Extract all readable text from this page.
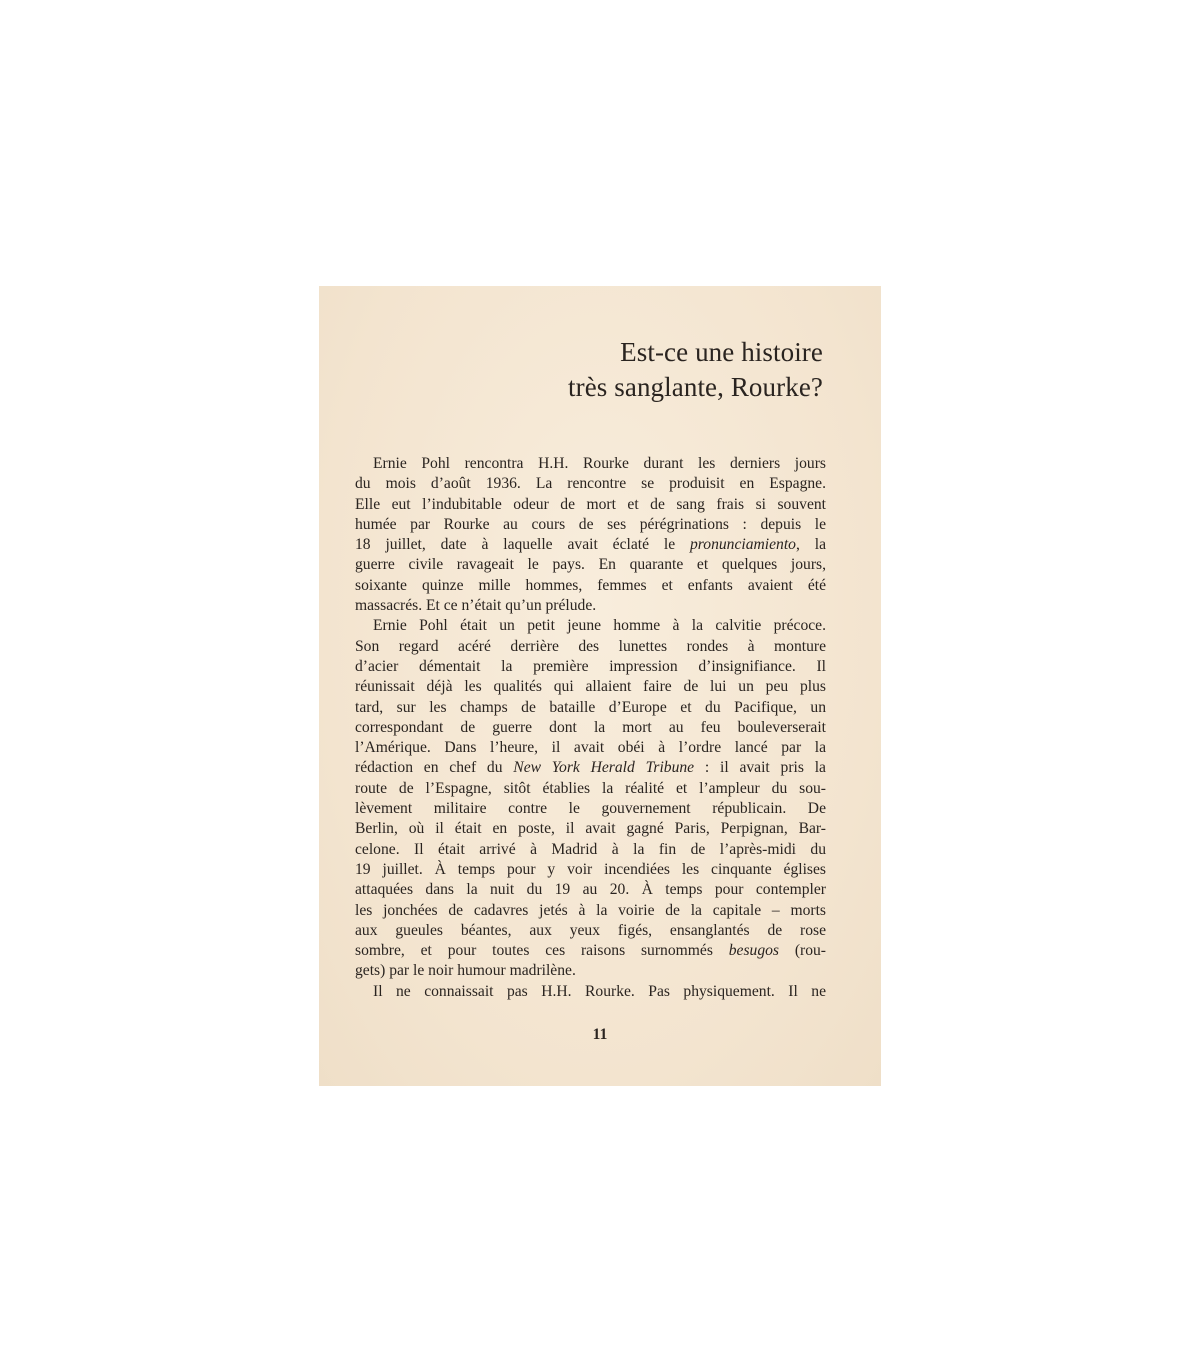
Est-ce une histoire
très sanglante, Rourke?

Ernie Pohl rencontra H.H. Rourke durant les derniers jours
du mois d’août 1936. La rencontre se produisit en Espagne.
Elle eut l’indubitable odeur de mort et de sang frais si souvent
humée par Rourke au cours de ses pérégrinations : depuis le
18 juillet, date à laquelle avait éclaté le pronunciamiento, la
guerre civile ravageait le pays. En quarante et quelques jours,
soixante quinze mille hommes, femmes et enfants avaient été
massacrés. Et ce n’était qu’un prélude.

Ernie Pohl était un petit jeune homme à la calvitie précoce.
Son regard acéré derrière des lunettes rondes à monture
d’acier démentait la première impression d’insignifiance. Il
réunissait déjà les qualités qui allaient faire de lui un peu plus
tard, sur les champs de bataille d’Europe et du Pacifique, un
correspondant de guerre dont la mort au feu bouleverserait
l’Amérique. Dans l’heure, il avait obéi à l’ordre lancé par la
rédaction en chef du New York Herald Tribune : il avait pris la
route de l’Espagne, sitôt établies la réalité et l’ampleur du sou-
lèvement militaire contre le gouvernement républicain. De
Berlin, où il était en poste, il avait gagné Paris, Perpignan, Bar-
celone. Il était arrivé à Madrid à la fin de l’après-midi du
19 juillet. À temps pour y voir incendiées les cinquante églises
attaquées dans la nuit du 19 au 20. À temps pour contempler
les jonchées de cadavres jetés à la voirie de la capitale – morts
aux gueules béantes, aux yeux figés, ensanglantés de rose
sombre, et pour toutes ces raisons surnommés besugos (rou-
gets) par le noir humour madrilène.

Il ne connaissait pas H.H. Rourke. Pas physiquement. Il ne

11
